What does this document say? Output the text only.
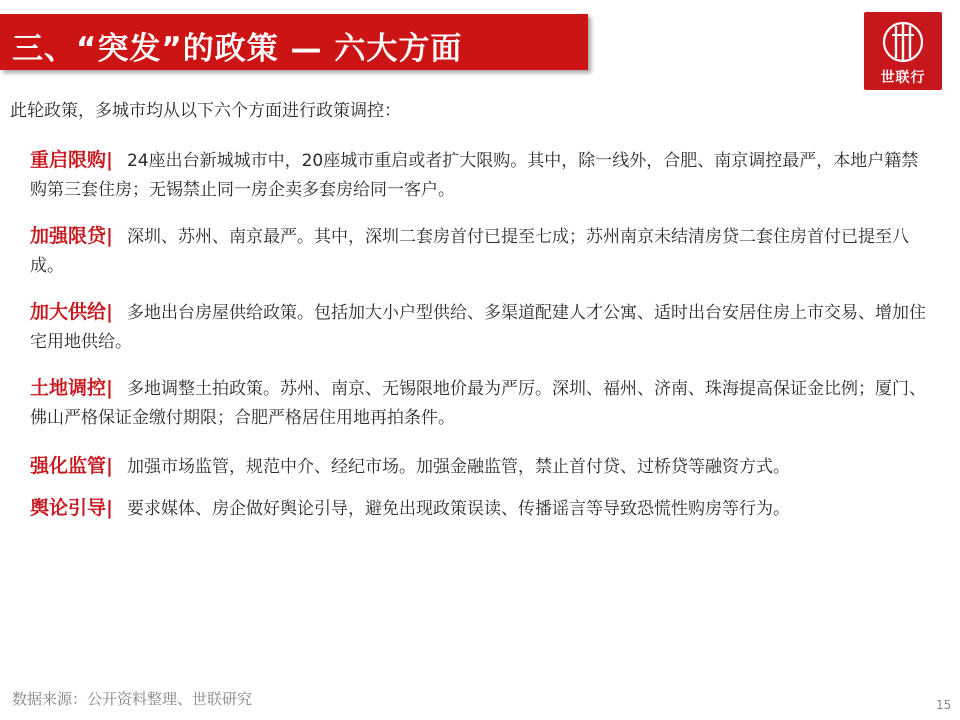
三、“突发”的政策 — 六大方面
世联行
此轮政策，多城市均从以下六个方面进行政策调控：
重启限购| 24座出台新城城市中，20座城市重启或者扩大限购。其中，除一线外，合肥、南京调控最严，本地户籍禁购第三套住房；无锡禁止同一房企卖多套房给同一客户。
加强限贷| 深圳、苏州、南京最严。其中，深圳二套房首付已提至七成；苏州南京未结清房贷二套住房首付已提至八成。
加大供给| 多地出台房屋供给政策。包括加大小户型供给、多渠道配建人才公寓、适时出台安居住房上市交易、增加住宅用地供给。
土地调控| 多地调整土拍政策。苏州、南京、无锡限地价最为严厉。深圳、福州、济南、珠海提高保证金比例；厦门、佛山严格保证金缴付期限；合肥严格居住用地再拍条件。
强化监管| 加强市场监管，规范中介、经纪市场。加强金融监管，禁止首付贷、过桥贷等融资方式。
舆论引导| 要求媒体、房企做好舆论引导，避免出现政策误读、传播谣言等导致恐慌性购房等行为。
数据来源：公开资料整理、世联研究	15
